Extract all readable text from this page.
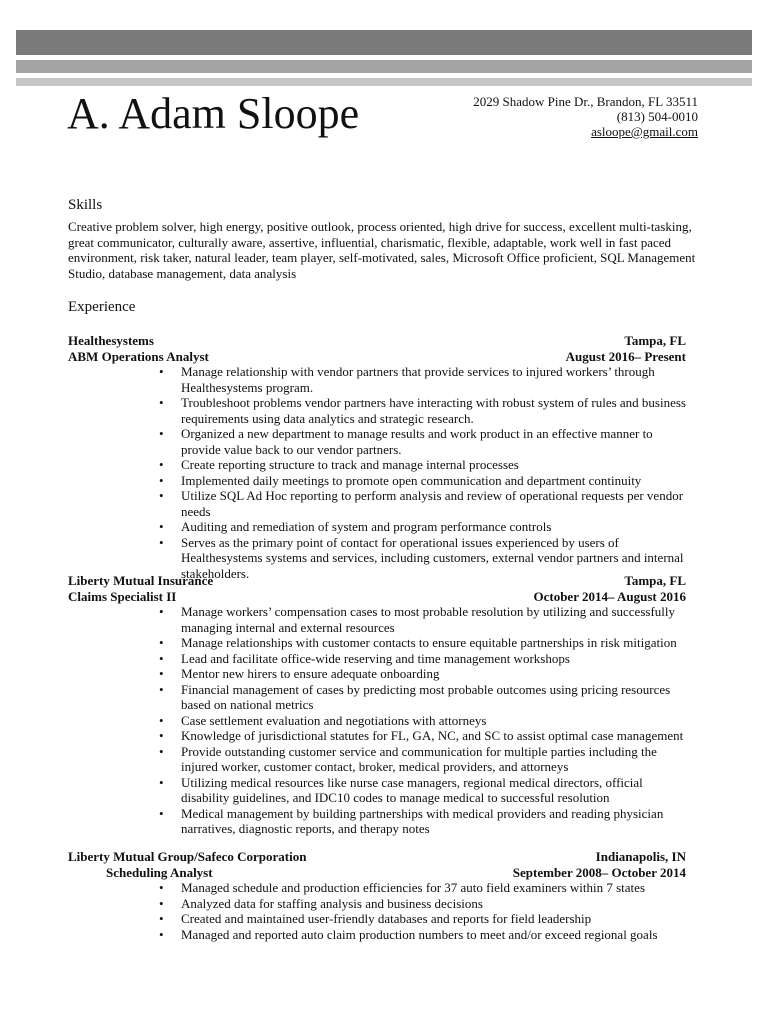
A. Adam Sloope	2029 Shadow Pine Dr., Brandon, FL 33511
(813) 504-0010
asloope@gmail.com
Skills
Creative problem solver, high energy, positive outlook, process oriented, high drive for success, excellent multi-tasking, great communicator, culturally aware, assertive, influential, charismatic, flexible, adaptable, work well in fast paced environment, risk taker, natural leader, team player, self-motivated, sales, Microsoft Office proficient, SQL Management Studio, database management, data analysis
Experience
Healthesystems	Tampa, FL
ABM Operations Analyst	August 2016– Present
• Manage relationship with vendor partners that provide services to injured workers’ through Healthesystems program.
• Troubleshoot problems vendor partners have interacting with robust system of rules and business requirements using data analytics and strategic research.
• Organized a new department to manage results and work product in an effective manner to provide value back to our vendor partners.
• Create reporting structure to track and manage internal processes
• Implemented daily meetings to promote open communication and department continuity
• Utilize SQL Ad Hoc reporting to perform analysis and review of operational requests per vendor needs
• Auditing and remediation of system and program performance controls
• Serves as the primary point of contact for operational issues experienced by users of Healthesystems systems and services, including customers, external vendor partners and internal stakeholders.
Liberty Mutual Insurance	Tampa, FL
Claims Specialist II	October 2014– August 2016
• Manage workers’ compensation cases to most probable resolution by utilizing and successfully managing internal and external resources
• Manage relationships with customer contacts to ensure equitable partnerships in risk mitigation
• Lead and facilitate office-wide reserving and time management workshops
• Mentor new hirers to ensure adequate onboarding
• Financial management of cases by predicting most probable outcomes using pricing resources based on national metrics
• Case settlement evaluation and negotiations with attorneys
• Knowledge of jurisdictional statutes for FL, GA, NC, and SC to assist optimal case management
• Provide outstanding customer service and communication for multiple parties including the injured worker, customer contact, broker, medical providers, and attorneys
• Utilizing medical resources like nurse case managers, regional medical directors, official disability guidelines, and IDC10 codes to manage medical to successful resolution
• Medical management by building partnerships with medical providers and reading physician narratives, diagnostic reports, and therapy notes
Liberty Mutual Group/Safeco Corporation	Indianapolis, IN
Scheduling Analyst	September 2008– October 2014
• Managed schedule and production efficiencies for 37 auto field examiners within 7 states
• Analyzed data for staffing analysis and business decisions
• Created and maintained user-friendly databases and reports for field leadership
• Managed and reported auto claim production numbers to meet and/or exceed regional goals
